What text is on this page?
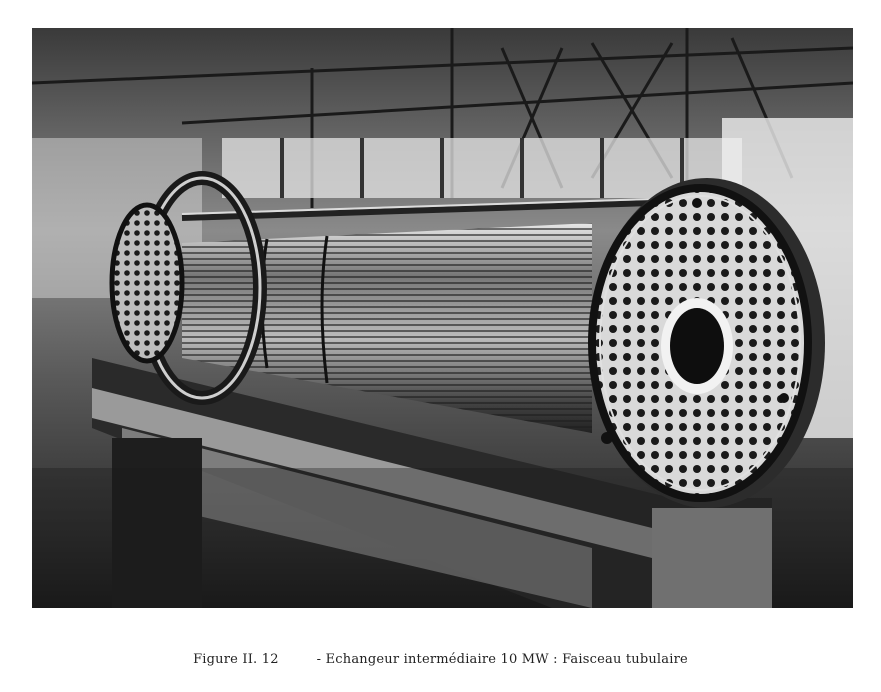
Figure II. 12	- Echangeur intermédiaire 10 MW : Faisceau tubulaire
